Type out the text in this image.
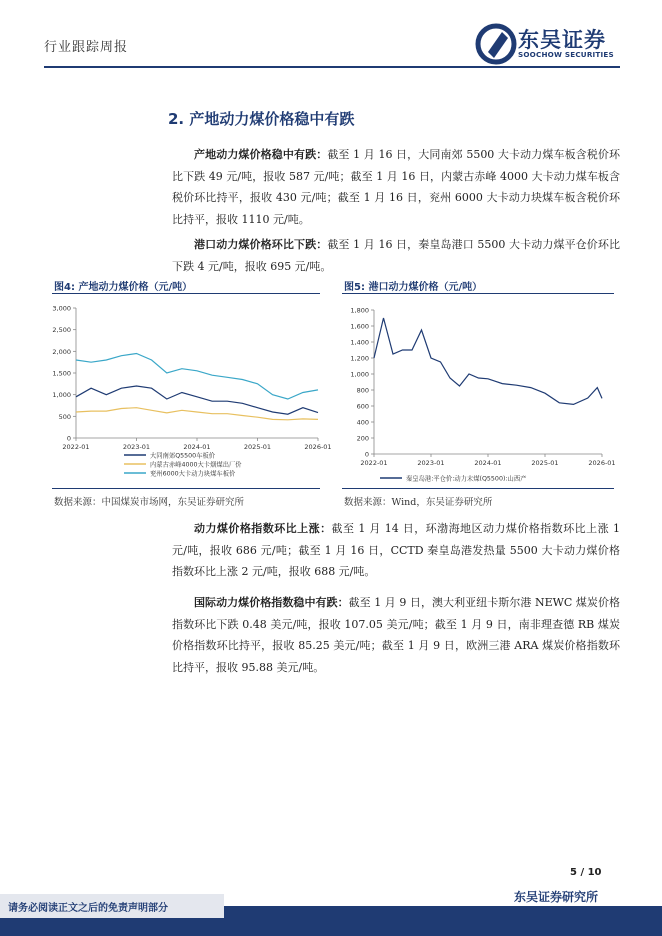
行业跟踪周报	东吴证券
SOOCHOW SECURITIES
2. 产地动力煤价格稳中有跌
产地动力煤价格稳中有跌：截至 1 月 16 日，大同南郊 5500 大卡动力煤车板含税价环比下跌 49 元/吨，报收 587 元/吨；截至 1 月 16 日，内蒙古赤峰 4000 大卡动力煤车板含税价环比持平，报收 430 元/吨；截至 1 月 16 日，兖州 6000 大卡动力块煤车板含税价环比持平，报收 1110 元/吨。
港口动力煤价格环比下跌：截至 1 月 16 日，秦皇岛港口 5500 大卡动力煤平仓价环比下跌 4 元/吨，报收 695 元/吨。
图4: 产地动力煤价格（元/吨）
0
500
1,000
1,500
2,000
2,500
3,000
2022-01	2023-01	2024-01	2025-01	2026-01
大同南郊Q5500车板价
内蒙古赤峰4000大卡烟煤出厂价
兖州6000大卡动力块煤车板价
数据来源：中国煤炭市场网，东吴证券研究所
图5: 港口动力煤价格（元/吨）
0
200
400
600
800
1,000
1,200
1,400
1,600
1,800
2022-01	2023-01	2024-01	2025-01	2026-01
秦皇岛港:平仓价:动力末煤(Q5500):山西产
数据来源：Wind，东吴证券研究所
动力煤价格指数环比上涨：截至 1 月 14 日，环渤海地区动力煤价格指数环比上涨 1 元/吨，报收 686 元/吨；截至 1 月 16 日，CCTD 秦皇岛港发热量 5500 大卡动力煤价格指数环比上涨 2 元/吨，报收 688 元/吨。
国际动力煤价格指数稳中有跌：截至 1 月 9 日，澳大利亚纽卡斯尔港 NEWC 煤炭价格指数环比下跌 0.48 美元/吨，报收 107.05 美元/吨；截至 1 月 9 日，南非理查德 RB 煤炭价格指数环比持平，报收 85.25 美元/吨；截至 1 月 9 日，欧洲三港 ARA 煤炭价格指数环比持平，报收 95.88 美元/吨。
5 / 10
东吴证券研究所
请务必阅读正文之后的免责声明部分
